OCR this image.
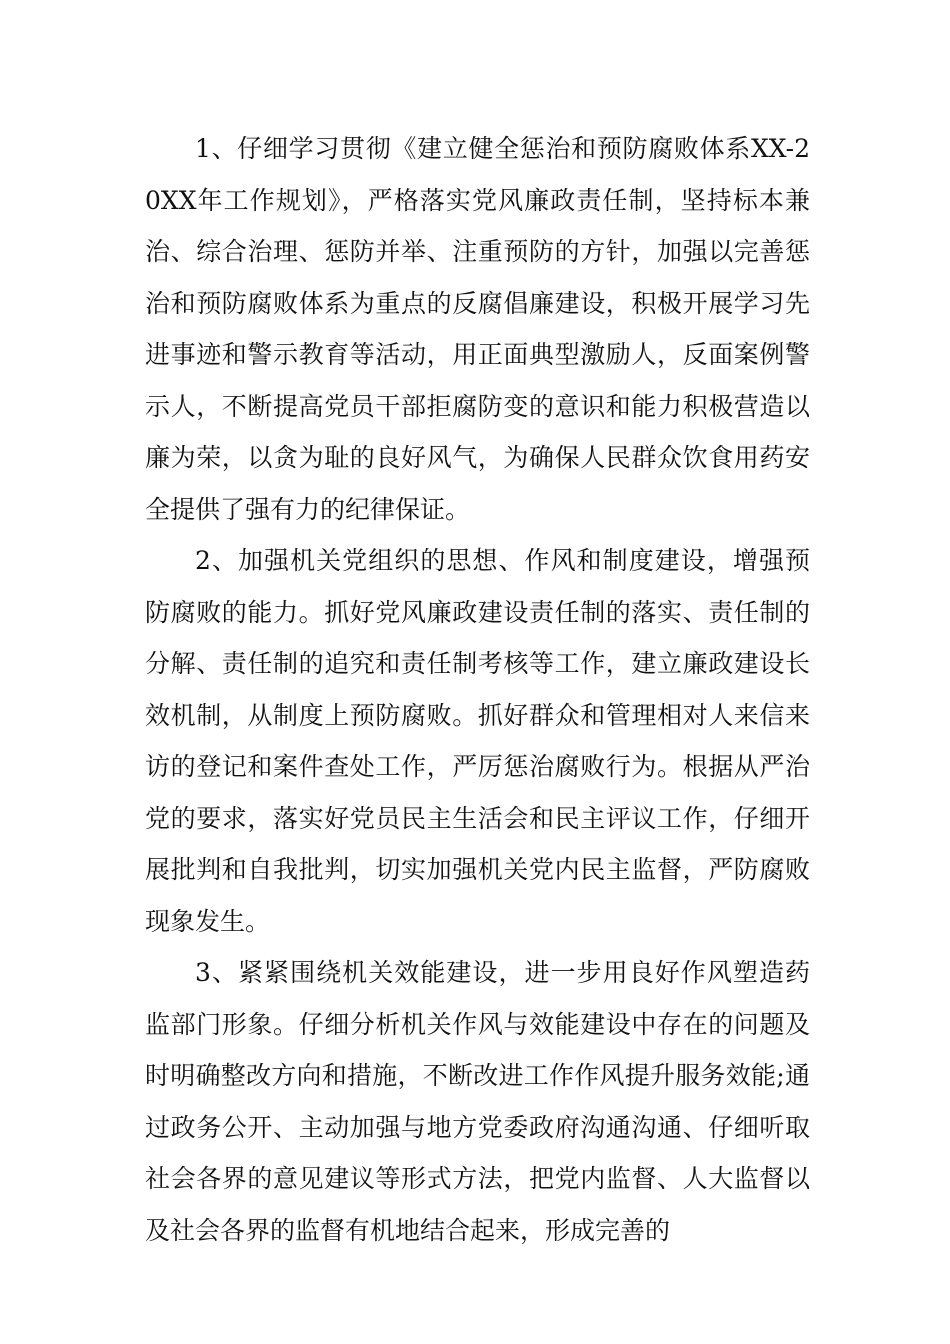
1、仔细学习贯彻《建立健全惩治和预防腐败体系XX-20XX年工作规划》，严格落实党风廉政责任制，坚持标本兼治、综合治理、惩防并举、注重预防的方针，加强以完善惩治和预防腐败体系为重点的反腐倡廉建设，积极开展学习先进事迹和警示教育等活动，用正面典型激励人，反面案例警示人，不断提高党员干部拒腐防变的意识和能力积极营造以廉为荣，以贪为耻的良好风气，为确保人民群众饮食用药安全提供了强有力的纪律保证。

2、加强机关党组织的思想、作风和制度建设，增强预防腐败的能力。抓好党风廉政建设责任制的落实、责任制的分解、责任制的追究和责任制考核等工作，建立廉政建设长效机制，从制度上预防腐败。抓好群众和管理相对人来信来访的登记和案件查处工作，严厉惩治腐败行为。根据从严治党的要求，落实好党员民主生活会和民主评议工作，仔细开展批判和自我批判，切实加强机关党内民主监督，严防腐败现象发生。

3、紧紧围绕机关效能建设，进一步用良好作风塑造药监部门形象。仔细分析机关作风与效能建设中存在的问题及时明确整改方向和措施，不断改进工作作风提升服务效能;通过政务公开、主动加强与地方党委政府沟通沟通、仔细听取社会各界的意见建议等形式方法，把党内监督、人大监督以及社会各界的监督有机地结合起来，形成完善的
